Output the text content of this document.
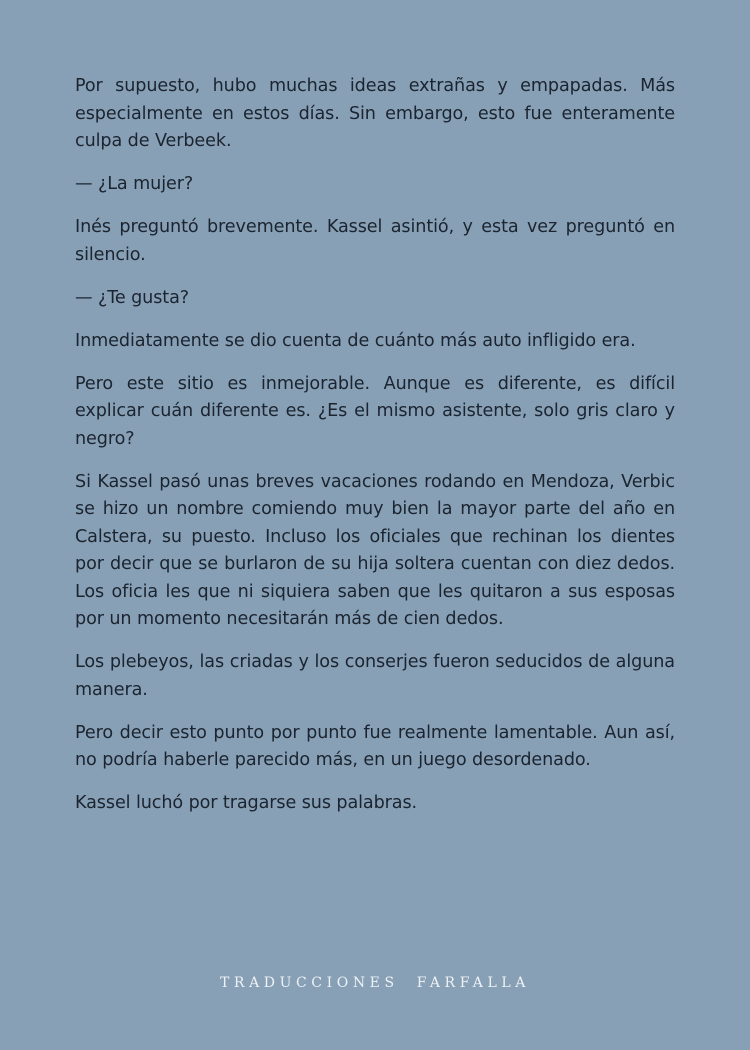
Por supuesto, hubo muchas ideas extrañas y empapadas. Más especialmente en estos días. Sin embargo, esto fue enteramente culpa de Verbeek.

— ¿La mujer?

Inés preguntó brevemente. Kassel asintió, y esta vez preguntó en silencio.

— ¿Te gusta?

Inmediatamente se dio cuenta de cuánto más auto infligido era.

Pero este sitio es inmejorable. Aunque es diferente, es difícil explicar cuán diferente es. ¿Es el mismo asistente, solo gris claro y negro?

Si Kassel pasó unas breves vacaciones rodando en Mendoza, Verbic se hizo un nombre comiendo muy bien la mayor parte del año en Calstera, su puesto. Incluso los oficiales que rechinan los dientes por decir que se burlaron de su hija soltera cuentan con diez dedos. Los oficia les que ni siquiera saben que les quitaron a sus esposas por un momento necesitarán más de cien dedos.

Los plebeyos, las criadas y los conserjes fueron seducidos de alguna manera.

Pero decir esto punto por punto fue realmente lamentable. Aun así, no podría haberle parecido más, en un juego desordenado.

Kassel luchó por tragarse sus palabras.

TRADUCCIONES FARFALLA
